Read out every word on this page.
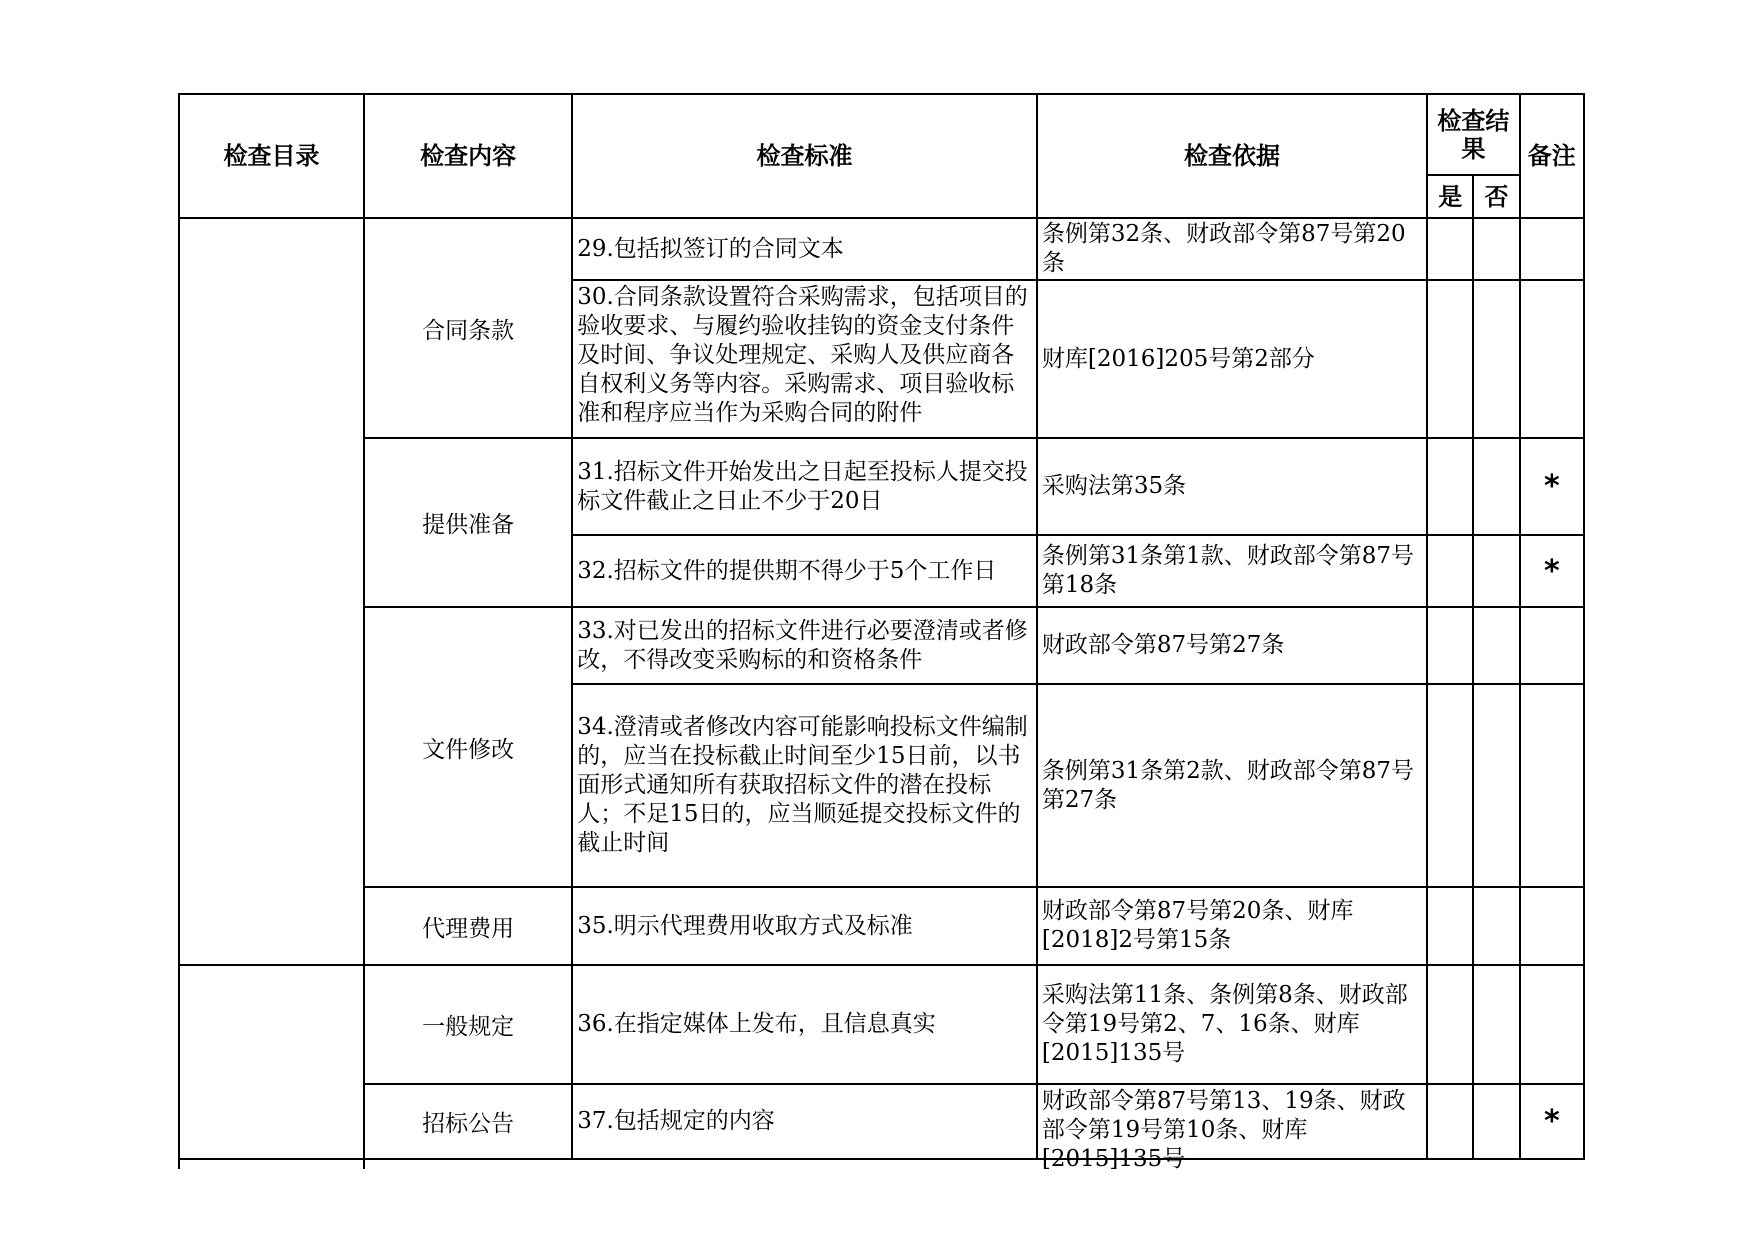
检查目录	检查内容	检查标准	检查依据	检查结果		备注
				是	否	
	合同条款	29.包括拟签订的合同文本	条例第32条、财政部令第87号第20条			

		30.合同条款设置符合采购需求，包括项目的验收要求、与履约验收挂钩的资金支付条件及时间、争议处理规定、采购人及供应商各自权利义务等内容。采购需求、项目验收标准和程序应当作为采购合同的附件	财库[2016]205号第2部分			

	提供准备	31.招标文件开始发出之日起至投标人提交投标文件截止之日止不少于20日	采购法第35条			*

		32.招标文件的提供期不得少于5个工作日	条例第31条第1款、财政部令第87号第18条			*
	文件修改	33.对已发出的招标文件进行必要澄清或者修改，不得改变采购标的和资格条件	财政部令第87号第27条			

		34.澄清或者修改内容可能影响投标文件编制的，应当在投标截止时间至少15日前，以书面形式通知所有获取招标文件的潜在投标人；不足15日的，应当顺延提交投标文件的截止时间	条例第31条第2款、财政部令第87号第27条			

	代理费用	35.明示代理费用收取方式及标准	财政部令第87号第20条、财库[2018]2号第15条			

	一般规定	36.在指定媒体上发布，且信息真实	采购法第11条、条例第8条、财政部令第19号第2、7、16条、财库[2015]135号			

	招标公告	37.包括规定的内容	财政部令第87号第13、19条、财政部令第19号第10条、财库[2015]135号			*
